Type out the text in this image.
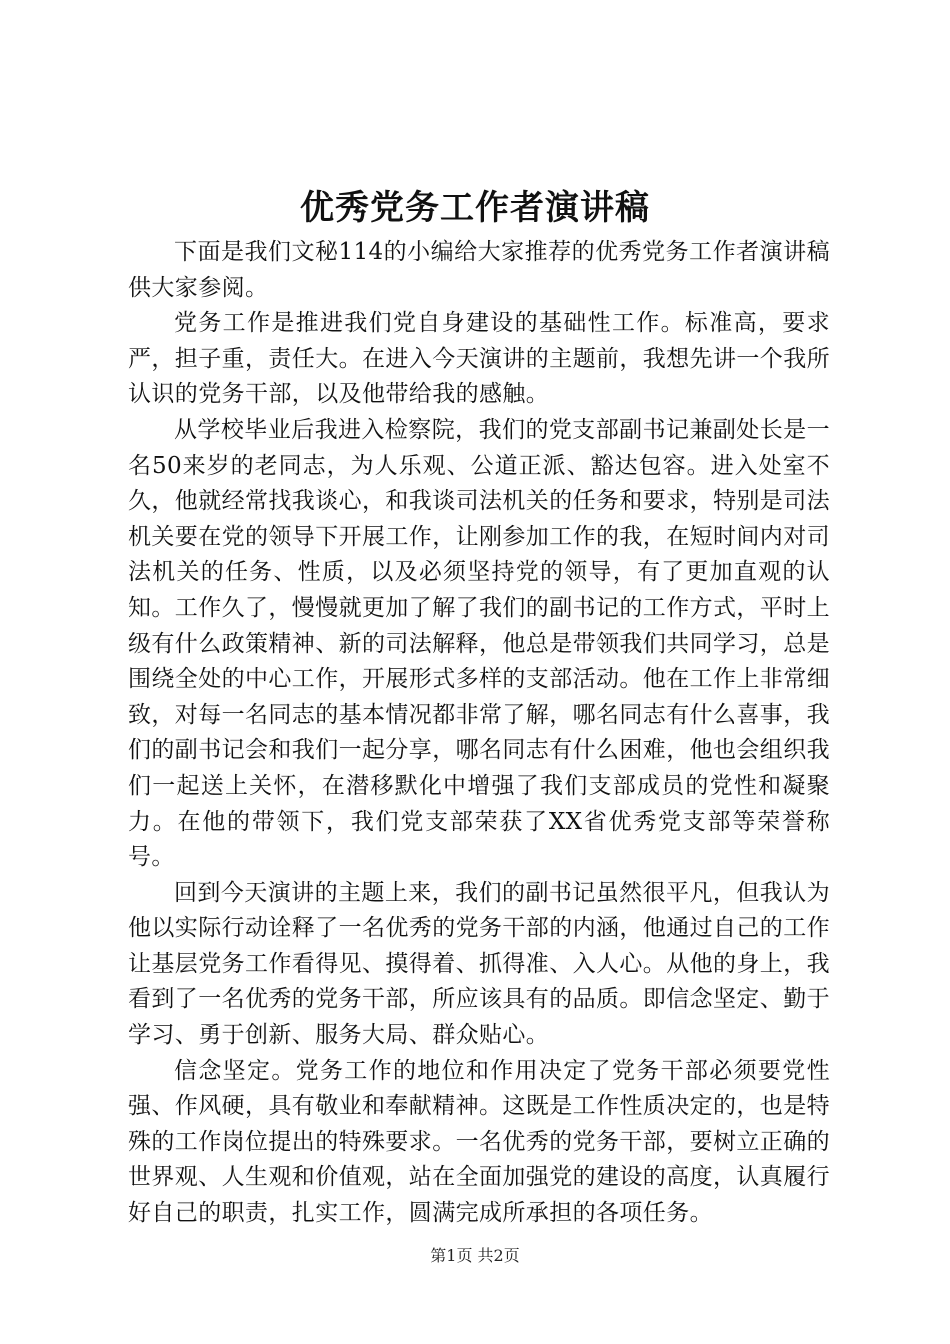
优秀党务工作者演讲稿

下面是我们文秘114的小编给大家推荐的优秀党务工作者演讲稿供大家参阅。

党务工作是推进我们党自身建设的基础性工作。标准高，要求严，担子重，责任大。在进入今天演讲的主题前，我想先讲一个我所认识的党务干部，以及他带给我的感触。

从学校毕业后我进入检察院，我们的党支部副书记兼副处长是一名50来岁的老同志，为人乐观、公道正派、豁达包容。进入处室不久，他就经常找我谈心，和我谈司法机关的任务和要求，特别是司法机关要在党的领导下开展工作，让刚参加工作的我，在短时间内对司法机关的任务、性质，以及必须坚持党的领导，有了更加直观的认知。工作久了，慢慢就更加了解了我们的副书记的工作方式，平时上级有什么政策精神、新的司法解释，他总是带领我们共同学习，总是围绕全处的中心工作，开展形式多样的支部活动。他在工作上非常细致，对每一名同志的基本情况都非常了解，哪名同志有什么喜事，我们的副书记会和我们一起分享，哪名同志有什么困难，他也会组织我们一起送上关怀，在潜移默化中增强了我们支部成员的党性和凝聚力。在他的带领下，我们党支部荣获了XX省优秀党支部等荣誉称号。

回到今天演讲的主题上来，我们的副书记虽然很平凡，但我认为他以实际行动诠释了一名优秀的党务干部的内涵，他通过自己的工作让基层党务工作看得见、摸得着、抓得准、入人心。从他的身上，我看到了一名优秀的党务干部，所应该具有的品质。即信念坚定、勤于学习、勇于创新、服务大局、群众贴心。

信念坚定。党务工作的地位和作用决定了党务干部必须要党性强、作风硬，具有敬业和奉献精神。这既是工作性质决定的，也是特殊的工作岗位提出的特殊要求。一名优秀的党务干部，要树立正确的世界观、人生观和价值观，站在全面加强党的建设的高度，认真履行好自己的职责，扎实工作，圆满完成所承担的各项任务。

第1页 共2页
